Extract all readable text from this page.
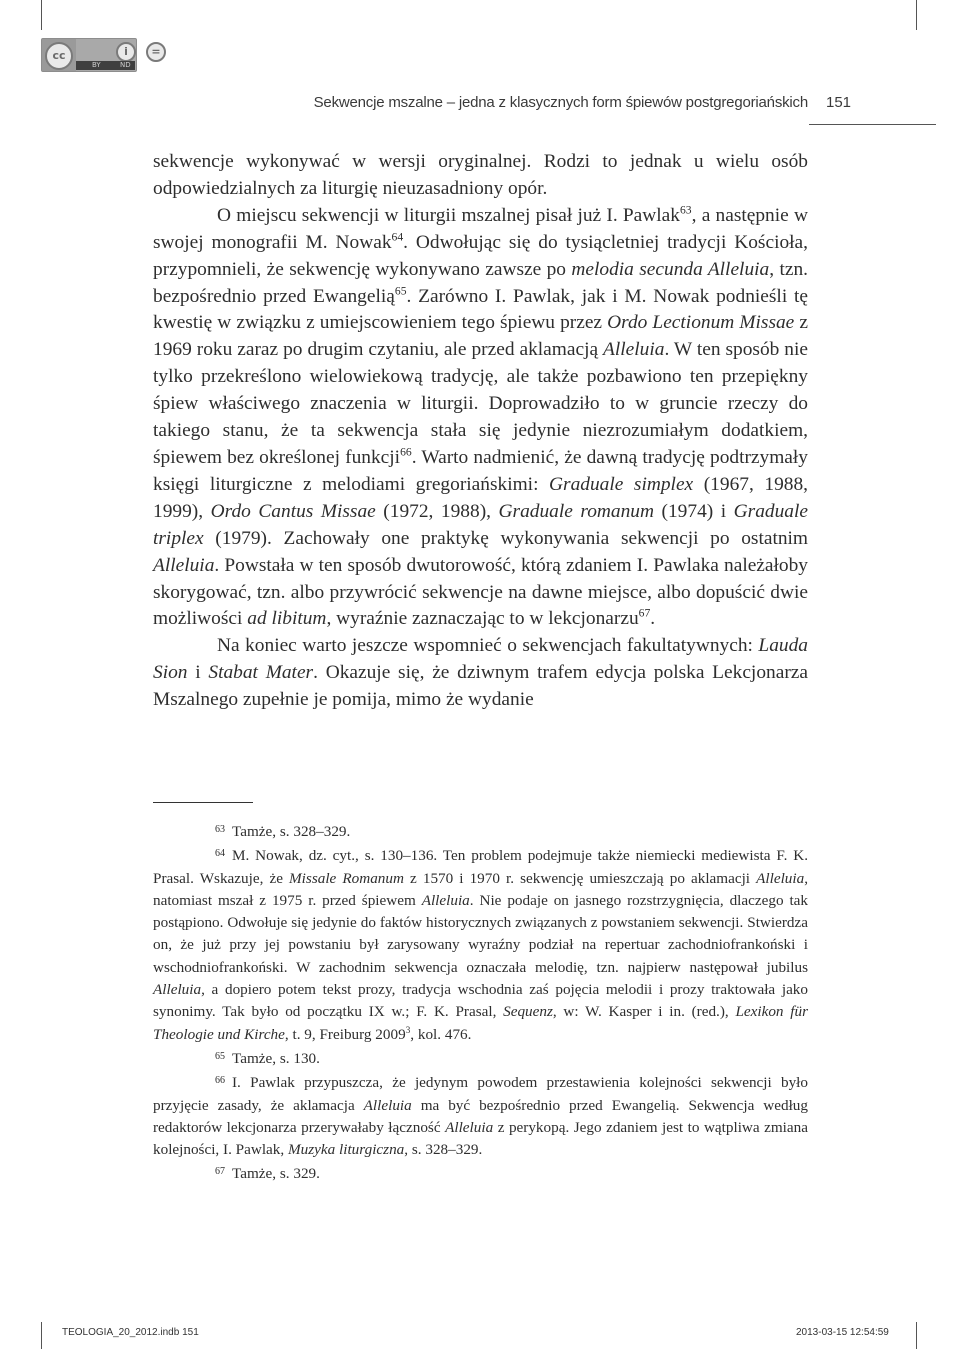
cc	i	=
BY	ND
Sekwencje mszalne – jedna z klasycznych form śpiewów postgregoriańskich 151

sekwencje wykonywać w wersji oryginalnej. Rodzi to jednak u wielu osób odpowiedzialnych za liturgię nieuzasadniony opór.

O miejscu sekwencji w liturgii mszalnej pisał już I. Pawlak$^{63}$, a następnie w swojej monografii M. Nowak$^{64}$. Odwołując się do tysiącletniej tradycji Kościoła, przypomnieli, że sekwencję wykonywano zawsze po melodia secunda Alleluia, tzn. bezpośrednio przed Ewangelią$^{65}$. Zarówno I. Pawlak, jak i M. Nowak podnieśli tę kwestię w związku z umiejscowieniem tego śpiewu przez Ordo Lectionum Missae z 1969 roku zaraz po drugim czytaniu, ale przed aklamacją Alleluia. W ten sposób nie tylko przekreślono wielowiekową tradycję, ale także pozbawiono ten przepiękny śpiew właściwego znaczenia w liturgii. Doprowadziło to w gruncie rzeczy do takiego stanu, że ta sekwencja stała się jedynie niezrozumiałym dodatkiem, śpiewem bez określonej funkcji$^{66}$. Warto nadmienić, że dawną tradycję podtrzymały księgi liturgiczne z melodiami gregoriańskimi: Graduale simplex (1967, 1988, 1999), Ordo Cantus Missae (1972, 1988), Graduale romanum (1974) i Graduale triplex (1979). Zachowały one praktykę wykonywania sekwencji po ostatnim Alleluia. Powstała w ten sposób dwutorowość, którą zdaniem I. Pawlaka należałoby skorygować, tzn. albo przywrócić sekwencje na dawne miejsce, albo dopuścić dwie możliwości ad libitum, wyraźnie zaznaczając to w lekcjonarzu$^{67}$.

Na koniec warto jeszcze wspomnieć o sekwencjach fakultatywnych: Lauda Sion i Stabat Mater. Okazuje się, że dziwnym trafem edycja polska Lekcjonarza Mszalnego zupełnie je pomija, mimo że wydanie

$^{63}$ Tamże, s. 328–329.

$^{64}$ M. Nowak, dz. cyt., s. 130–136. Ten problem podejmuje także niemiecki mediewista F. K. Prasal. Wskazuje, że Missale Romanum z 1570 i 1970 r. sekwencję umieszczają po aklamacji Alleluia, natomiast mszał z 1975 r. przed śpiewem Alleluia. Nie podaje on jasnego rozstrzygnięcia, dlaczego tak postąpiono. Odwołuje się jedynie do faktów historycznych związanych z powstaniem sekwencji. Stwierdza on, że już przy jej powstaniu był zarysowany wyraźny podział na repertuar zachodniofrankoński i wschodniofrankoński. W zachodnim sekwencja oznaczała melodię, tzn. najpierw następował jubilus Alleluia, a dopiero potem tekst prozy, tradycja wschodnia zaś pojęcia melodii i prozy traktowała jako synonimy. Tak było od początku IX w.; F. K. Prasal, Sequenz, w: W. Kasper i in. (red.), Lexikon für Theologie und Kirche, t. 9, Freiburg 2009$^3$, kol. 476.

$^{65}$ Tamże, s. 130.

$^{66}$ I. Pawlak przypuszcza, że jedynym powodem przestawienia kolejności sekwencji było przyjęcie zasady, że aklamacja Alleluia ma być bezpośrednio przed Ewangelią. Sekwencja według redaktorów lekcjonarza przerywałaby łączność Alleluia z perykopą. Jego zdaniem jest to wątpliwa zmiana kolejności, I. Pawlak, Muzyka liturgiczna, s. 328–329.

$^{67}$ Tamże, s. 329.

TEOLOGIA_20_2012.indb 151	2013-03-15 12:54:59
